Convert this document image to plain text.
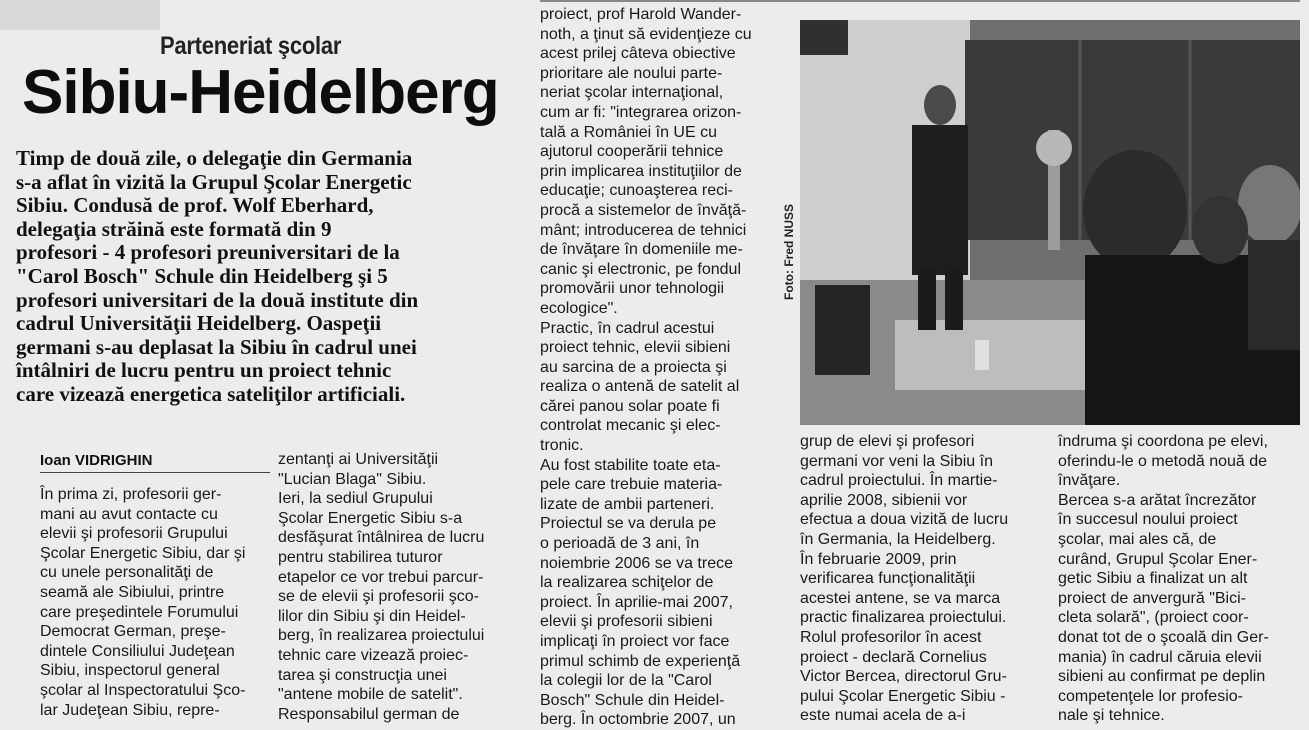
Parteneriat şcolar
Sibiu-Heidelberg
Timp de două zile, o delegaţie din Germania
s-a aflat în vizită la Grupul Şcolar Energetic
Sibiu. Condusă de prof. Wolf Eberhard,
delegaţia străină este formată din 9
profesori - 4 profesori preuniversitari de la
"Carol Bosch" Schule din Heidelberg şi 5
profesori universitari de la două institute din
cadrul Universităţii Heidelberg. Oaspeţii
germani s-au deplasat la Sibiu în cadrul unei
întâlniri de lucru pentru un proiect tehnic
care vizează energetica sateliţilor artificiali.
Ioan VIDRIGHIN
În prima zi, profesorii ger-
mani au avut contacte cu
elevii şi profesorii Grupului
Şcolar Energetic Sibiu, dar şi
cu unele personalităţi de
seamă ale Sibiului, printre
care preşedintele Forumului
Democrat German, preşe-
dintele Consiliului Judeţean
Sibiu, inspectorul general
şcolar al Inspectoratului Şco-
lar Judeţean Sibiu, repre-
zentanţi ai Universităţii
"Lucian Blaga" Sibiu.
Ieri, la sediul Grupului
Şcolar Energetic Sibiu s-a
desfăşurat întâlnirea de lucru
pentru stabilirea tuturor
etapelor ce vor trebui parcur-
se de elevii şi profesorii şco-
lilor din Sibiu şi din Heidel-
berg, în realizarea proiectului
tehnic care vizează proiec-
tarea şi construcţia unei
"antene mobile de satelit".
Responsabilul german de
proiect, prof Harold Wander-
noth, a ţinut să evidenţieze cu
acest prilej câteva obiective
prioritare ale noului parte-
neriat şcolar internaţional,
cum ar fi: "integrarea orizon-
tală a României în UE cu
ajutorul cooperării tehnice
prin implicarea instituţiilor de
educaţie; cunoaşterea reci-
procă a sistemelor de învăţă-
mânt; introducerea de tehnici
de învăţare în domeniile me-
canic şi electronic, pe fondul
promovării unor tehnologii
ecologice".
Practic, în cadrul acestui
proiect tehnic, elevii sibieni
au sarcina de a proiecta şi
realiza o antenă de satelit al
cărei panou solar poate fi
controlat mecanic şi elec-
tronic.
Au fost stabilite toate eta-
pele care trebuie materia-
lizate de ambii parteneri.
Proiectul se va derula pe
o perioadă de 3 ani, în
noiembrie 2006 se va trece
la realizarea schiţelor de
proiect. În aprilie-mai 2007,
elevii şi profesorii sibieni
implicaţi în proiect vor face
primul schimb de experienţă
la colegii lor de la "Carol
Bosch" Schule din Heidel-
berg. În octombrie 2007, un
Foto: Fred NUSS
grup de elevi şi profesori
germani vor veni la Sibiu în
cadrul proiectului. În martie-
aprilie 2008, sibienii vor
efectua a doua vizită de lucru
în Germania, la Heidelberg.
În februarie 2009, prin
verificarea funcţionalităţii
acestei antene, se va marca
practic finalizarea proiectului.
Rolul profesorilor în acest
proiect - declară Cornelius
Victor Bercea, directorul Gru-
pului Şcolar Energetic Sibiu -
este numai acela de a-i
îndruma şi coordona pe elevi,
oferindu-le o metodă nouă de
învăţare.
Bercea s-a arătat încrezător
în succesul noului proiect
şcolar, mai ales că, de
curând, Grupul Şcolar Ener-
getic Sibiu a finalizat un alt
proiect de anvergură "Bici-
cleta solară", (proiect coor-
donat tot de o şcoală din Ger-
mania) în cadrul căruia elevii
sibieni au confirmat pe deplin
competenţele lor profesio-
nale şi tehnice.
